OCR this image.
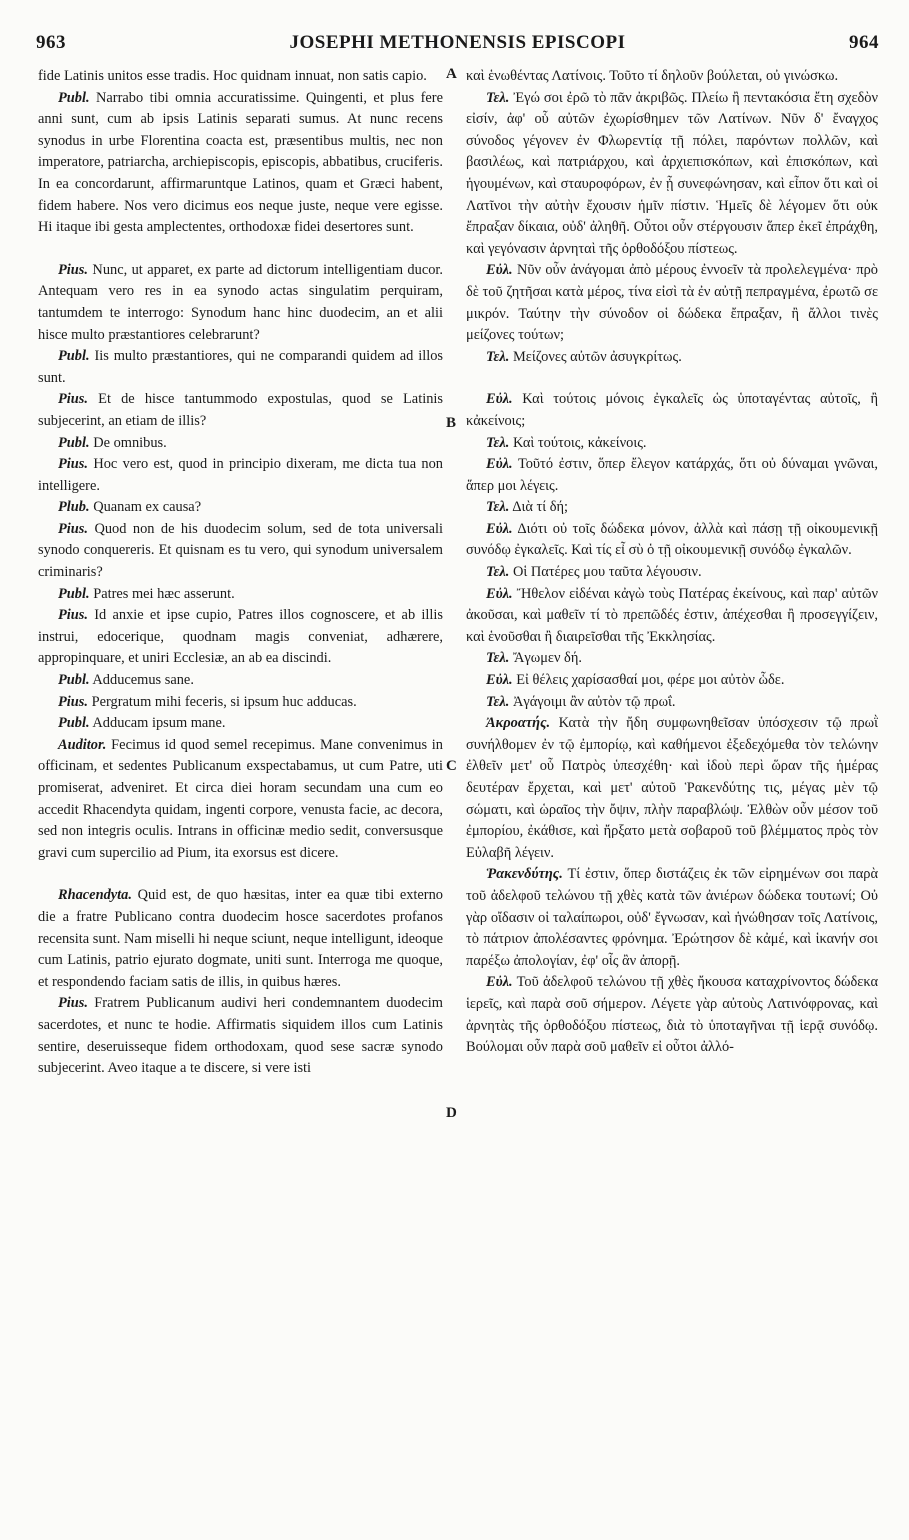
963	JOSEPHI METHONENSIS EPISCOPI	964

fide Latinis unitos esse tradis. Hoc quidnam innuat, non satis capio.

Publ. Narrabo tibi omnia accuratissime. Quingenti, et plus fere anni sunt, cum ab ipsis Latinis separati sumus. At nunc recens synodus in urbe Florentina coacta est, præsentibus multis, nec non imperatore, patriarcha, archiepiscopis, episcopis, abbatibus, cruciferis. In ea concordarunt, affirmaruntque Latinos, quam et Græci habent, fidem habere. Nos vero dicimus eos neque juste, neque vere egisse. Hi itaque ibi gesta amplectentes, orthodoxæ fidei desertores sunt.

Pius. Nunc, ut apparet, ex parte ad dictorum intelligentiam ducor. Antequam vero res in ea synodo actas singulatim perquiram, tantumdem te interrogo: Synodum hanc hinc duodecim, an et alii hisce multo præstantiores celebrarunt?

Publ. Iis multo præstantiores, qui ne comparandi quidem ad illos sunt.

Pius. Et de hisce tantummodo expostulas, quod se Latinis subjecerint, an etiam de illis?

Publ. De omnibus.

Pius. Hoc vero est, quod in principio dixeram, me dicta tua non intelligere.

Plub. Quanam ex causa?

Pius. Quod non de his duodecim solum, sed de tota universali synodo conquereris. Et quisnam es tu vero, qui synodum universalem criminaris?

Publ. Patres mei hæc asserunt.

Pius. Id anxie et ipse cupio, Patres illos cognoscere, et ab illis instrui, edocerique, quodnam magis conveniat, adhærere, appropinquare, et uniri Ecclesiæ, an ab ea discindi.

Publ. Adducemus sane.

Pius. Pergratum mihi feceris, si ipsum huc adducas.

Publ. Adducam ipsum mane.

Auditor. Fecimus id quod semel recepimus. Mane convenimus in officinam, et sedentes Publicanum exspectabamus, ut cum Patre, uti promiserat, adveniret. Et circa diei horam secundam una cum eo accedit Rhacendyta quidam, ingenti corpore, venusta facie, ac decora, sed non integris oculis. Intrans in officinæ medio sedit, conversusque gravi cum supercilio ad Pium, ita exorsus est dicere.

Rhacendyta. Quid est, de quo hæsitas, inter ea quæ tibi externo die a fratre Publicano contra duodecim hosce sacerdotes profanos recensita sunt. Nam miselli hi neque sciunt, neque intelligunt, ideoque cum Latinis, patrio ejurato dogmate, uniti sunt. Interroga me quoque, et respondendo faciam satis de illis, in quibus hæres.

Pius. Fratrem Publicanum audivi heri condemnantem duodecim sacerdotes, et nunc te hodie. Affirmatis siquidem illos cum Latinis sentire, deseruisseque fidem orthodoxam, quod sese sacræ synodo subjecerint. Aveo itaque a te discere, si vere isti

καὶ ἑνωθέντας Λατίνοις. Τοῦτο τί δηλοῦν βούλεται, οὐ γινώσκω.

Τελ. Ἐγώ σοι ἐρῶ τὸ πᾶν ἀκριβῶς. Πλείω ἢ πεντακόσια ἔτη σχεδὸν εἰσίν, ἀφ' οὗ αὐτῶν ἐχωρίσθημεν τῶν Λατίνων. Νῦν δ' ἔναγχος σύνοδος γέγονεν ἐν Φλωρεντίᾳ τῇ πόλει, παρόντων πολλῶν, καὶ βασιλέως, καὶ πατριάρχου, καὶ ἀρχιεπισκόπων, καὶ ἐπισκόπων, καὶ ἡγουμένων, καὶ σταυροφόρων, ἐν ᾗ συνεφώνησαν, καὶ εἶπον ὅτι καὶ οἱ Λατῖνοι τὴν αὐτὴν ἔχουσιν ἡμῖν πίστιν. Ἡμεῖς δὲ λέγομεν ὅτι οὐκ ἔπραξαν δίκαια, οὐδ' ἀληθῆ. Οὗτοι οὖν στέργουσιν ἅπερ ἐκεῖ ἐπράχθη, καὶ γεγόνασιν ἀρνηταὶ τῆς ὀρθοδόξου πίστεως.

Εὐλ. Νῦν οὖν ἀνάγομαι ἀπὸ μέρους ἐννοεῖν τὰ προλελεγμένα· πρὸ δὲ τοῦ ζητῆσαι κατὰ μέρος, τίνα εἰσὶ τὰ ἐν αὐτῇ πεπραγμένα, ἐρωτῶ σε μικρόν. Ταύτην τὴν σύνοδον οἱ δώδεκα ἔπραξαν, ἢ ἄλλοι τινὲς μείζονες τούτων;

Τελ. Μείζονες αὐτῶν ἀσυγκρίτως.

Εὐλ. Καὶ τούτοις μόνοις ἐγκαλεῖς ὡς ὑποταγέντας αὐτοῖς, ἢ κἀκείνοις;

Τελ. Καὶ τούτοις, κἀκείνοις.

Εὐλ. Τοῦτό ἐστιν, ὅπερ ἔλεγον κατάρχάς, ὅτι οὐ δύναμαι γνῶναι, ἅπερ μοι λέγεις.

Τελ. Διὰ τί δή;

Εὐλ. Διότι οὐ τοῖς δώδεκα μόνον, ἀλλὰ καὶ πάσῃ τῇ οἰκουμενικῇ συνόδῳ ἐγκαλεῖς. Καὶ τίς εἶ σὺ ὁ τῇ οἰκουμενικῇ συνόδῳ ἐγκαλῶν.

Τελ. Οἱ Πατέρες μου ταῦτα λέγουσιν.

Εὐλ. Ἤθελον εἰδέναι κἀγὼ τοὺς Πατέρας ἐκείνους, καὶ παρ' αὐτῶν ἀκοῦσαι, καὶ μαθεῖν τί τὸ πρεπῶδές ἐστιν, ἀπέχεσθαι ἢ προσεγγίζειν, καὶ ἑνοῦσθαι ἢ διαιρεῖσθαι τῆς Ἐκκλησίας.

Τελ. Ἄγωμεν δή.

Εὐλ. Εἰ θέλεις χαρίσασθαί μοι, φέρε μοι αὐτὸν ὧδε.

Τελ. Ἀγάγοιμι ἂν αὐτὸν τῷ πρωΐ.

Ἀκροατής. Κατὰ τὴν ἤδη συμφωνηθεῖσαν ὑπόσχεσιν τῷ πρωῒ συνήλθομεν ἐν τῷ ἐμπορίῳ, καὶ καθήμενοι ἐξεδεχόμεθα τὸν τελώνην ἐλθεῖν μετ' οὗ Πατρὸς ὑπεσχέθη· καὶ ἰδοὺ περὶ ὥραν τῆς ἡμέρας δευτέραν ἔρχεται, καὶ μετ' αὐτοῦ Ῥακενδύτης τις, μέγας μὲν τῷ σώματι, καὶ ὡραῖος τὴν ὄψιν, πλὴν παραβλώψ. Ἐλθὼν οὖν μέσον τοῦ ἐμπορίου, ἐκάθισε, καὶ ἤρξατο μετὰ σοβαροῦ τοῦ βλέμματος πρὸς τὸν Εὐλαβῆ λέγειν.

Ῥακενδύτης. Τί ἐστιν, ὅπερ διστάζεις ἐκ τῶν εἰρημένων σοι παρὰ τοῦ ἀδελφοῦ τελώνου τῇ χθὲς κατὰ τῶν ἀνιέρων δώδεκα τουτωνί; Οὐ γὰρ οἴδασιν οἱ ταλαίπωροι, οὐδ' ἔγνωσαν, καὶ ἡνώθησαν τοῖς Λατίνοις, τὸ πάτριον ἀπολέσαντες φρόνημα. Ἐρώτησον δὲ κἀμέ, καὶ ἱκανήν σοι παρέξω ἀπολογίαν, ἐφ' οἷς ἂν ἀπορῇ.

Εὐλ. Τοῦ ἀδελφοῦ τελώνου τῇ χθὲς ἤκουσα καταχρίνοντος δώδεκα ἱερεῖς, καὶ παρὰ σοῦ σήμερον. Λέγετε γὰρ αὐτοὺς Λατινόφρονας, καὶ ἀρνητὰς τῆς ὀρθοδόξου πίστεως, διὰ τὸ ὑποταγῆναι τῇ ἱερᾷ συνόδῳ. Βούλομαι οὖν παρὰ σοῦ μαθεῖν εἰ οὗτοι ἀλλό-

A
B
C
D
